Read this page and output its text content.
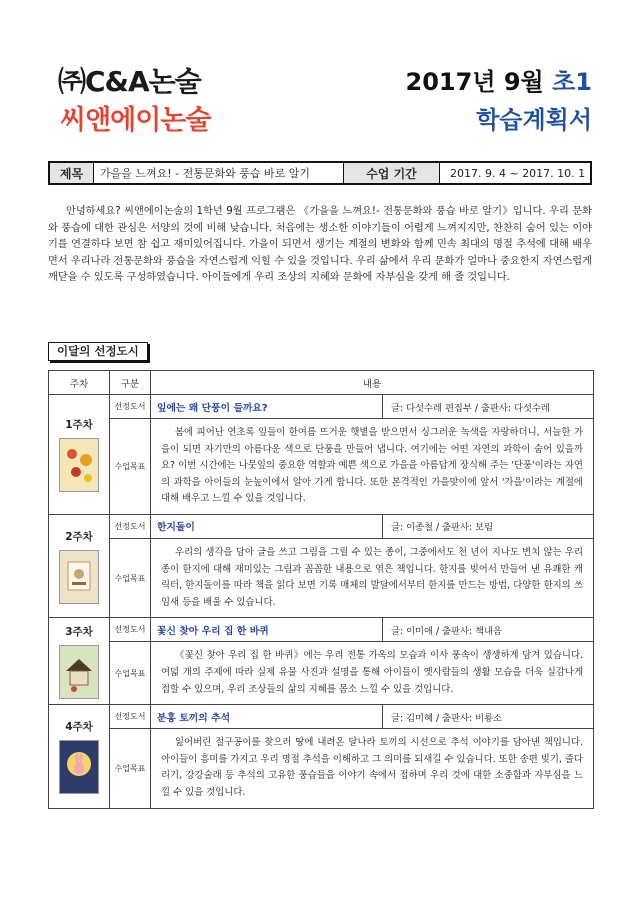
㈜C&A논술
씨앤에이논술
2017년 9월 초1
학습계획서
제목	가을을 느껴요! - 전통문화와 풍습 바로 알기	수업 기간	2017. 9. 4 ~ 2017. 10. 1
안녕하세요? 씨앤에이논술의 1학년 9월 프로그램은 《가을을 느껴요!- 전통문화와 풍습 바로 알기》입니다. 우리 문화와 풍습에 대한 관심은 서양의 것에 비해 낮습니다. 처음에는 생소한 이야기들이 어렵게 느껴지지만, 찬찬히 숨어 있는 이야기를 연결하다 보면 참 쉽고 재미있어집니다. 가을이 되면서 생기는 계절의 변화와 함께 민속 최대의 명절 추석에 대해 배우면서 우리나라 전통문화와 풍습을 자연스럽게 익힐 수 있을 것입니다. 우리 삶에서 우리 문화가 얼마나 중요한지 자연스럽게 깨닫을 수 있도록 구성하였습니다. 아이들에게 우리 조상의 지혜와 문화에 자부심을 갖게 해 줄 것입니다.
이달의 선정도시
주차	구분	내용	

1주차	선정도서	잎에는 왜 단풍이 들까요?	글: 다섯수레 편집부 / 출판사: 다섯수레
	수업목표	봄에 피어난 연초록 잎들이 한여름 뜨거운 햇볕을 받으면서 싱그러운 녹색을 자랑하더니, 서늘한 가을이 되면 자기만의 아름다운 색으로 단풍을 만들어 냅니다. 여기에는 어떤 자연의 과학이 숨어 있을까요? 이번 시간에는 나뭇잎의 중요한 역할과 예쁜 색으로 가을을 아름답게 장식해 주는 '단풍'이라는 자연의 과학을 아이들의 눈높이에서 알아 가게 합니다. 또한 본격적인 가을맞이에 앞서 '가을'이라는 계절에 대해 배우고 느낄 수 있을 것입니다.	

2주차	선정도서	한지돌이	글: 이종철 / 출판사: 보림
	수업목표	우리의 생각을 담아 글을 쓰고 그림을 그릴 수 있는 종이, 그중에서도 천 년이 지나도 변치 않는 우리 종이 한지에 대해 재미있는 그림과 꼼꼼한 내용으로 엮은 책입니다. 한지를 빚어서 만들어 낸 유쾌한 캐릭터, 한지돌이를 따라 책을 읽다 보면 기록 매체의 발달에서부터 한지를 만드는 방법, 다양한 한지의 쓰임새 등을 배울 수 있습니다.	

3주차	선정도서	꽃신 찾아 우리 집 한 바퀴	글: 이미애 / 출판사: 책내음
	수업목표	《꽃신 찾아 우리 집 한 바퀴》에는 우리 전통 가옥의 모습과 이사 풍속이 생생하게 담겨 있습니다. 여덟 개의 주제에 따라 실제 유물 사진과 설명을 통해 아이들이 옛사람들의 생활 모습을 더욱 실감나게 접할 수 있으며, 우리 조상들의 삶의 지혜를 몸소 느낄 수 있을 것입니다.	

4주차	선정도서	분홍 토끼의 추석	글: 김미혜 / 출판사: 비룡소
	수업목표	잃어버린 절구공이를 찾으러 땅에 내려온 달나라 토끼의 시선으로 추석 이야기를 담아낸 책입니다. 아이들이 흥미를 가지고 우리 명절 추석을 이해하고 그 의미를 되새길 수 있습니다. 또한 송편 빚기, 줄다리기, 강강술래 등 추석의 고유한 풍습들을 이야기 속에서 접하며 우리 것에 대한 소중함과 자부심을 느낄 수 있을 것입니다.	
